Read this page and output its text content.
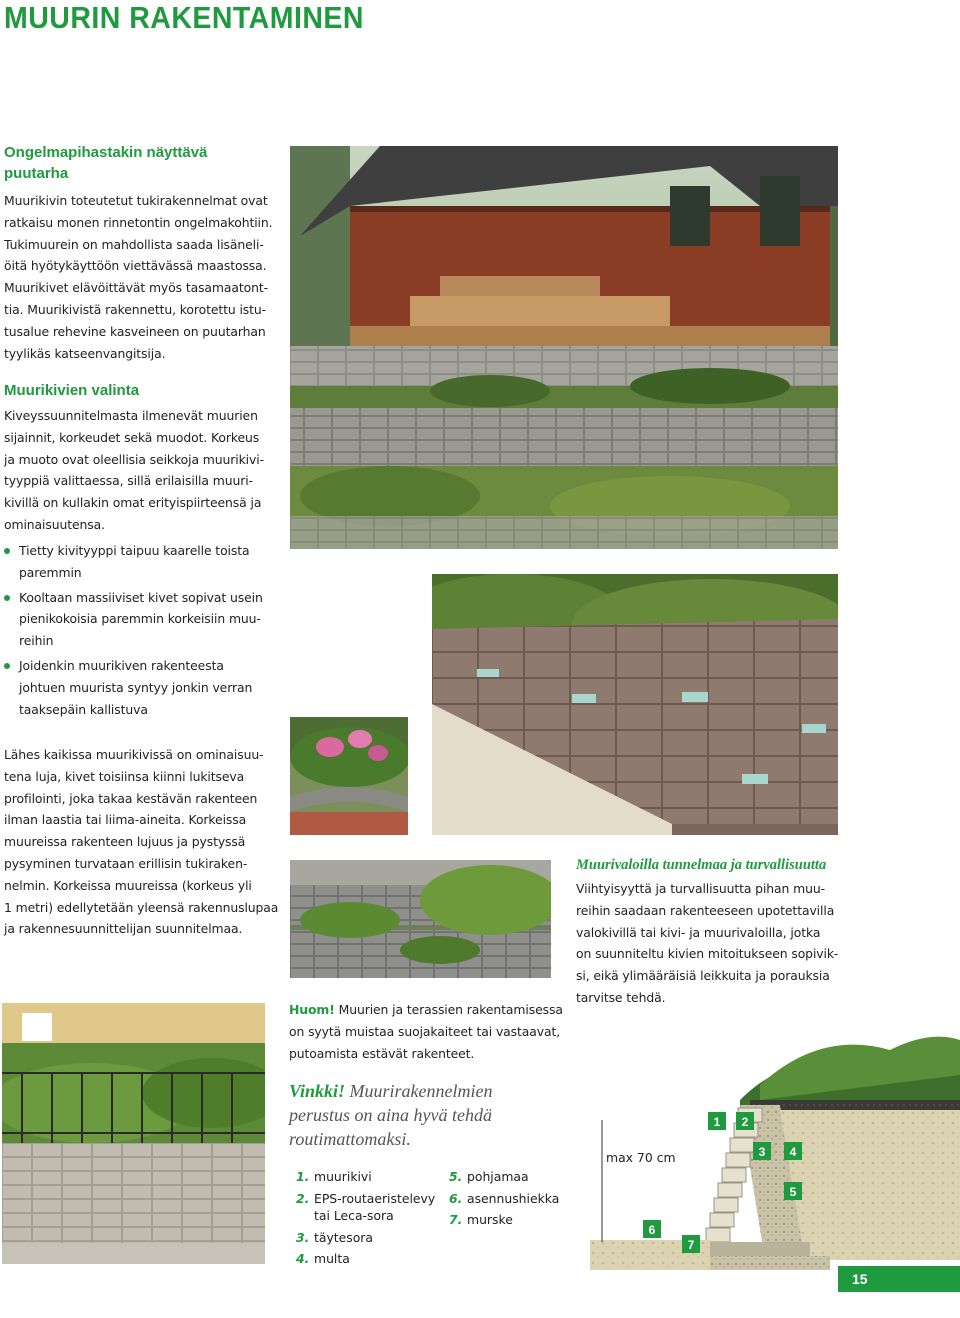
MUURIN RAKENTAMINEN
Ongelmapihastakin näyttävä
puutarha
Muurikivin toteutetut tukirakennelmat ovat
ratkaisu monen rinnetontin ongelmakohtiin.
Tukimuurein on mahdollista saada lisäneli-
öitä hyötykäyttöön viettävässä maastossa.
Muurikivet elävöittävät myös tasamaatont-
tia. Muurikivistä rakennettu, korotettu istu-
tusalue rehevine kasveineen on puutarhan
tyylikäs katseenvangitsija.
Muurikivien valinta
Kiveyssuunnitelmasta ilmenevät muurien
sijainnit, korkeudet sekä muodot. Korkeus
ja muoto ovat oleellisia seikkoja muurikivi-
tyyppiä valittaessa, sillä erilaisilla muuri-
kivillä on kullakin omat erityispiirteensä ja
ominaisuutensa.
Tietty kivityyppi taipuu kaarelle toista
paremmin
Kooltaan massiiviset kivet sopivat usein
pienikokoisia paremmin korkeisiin muu-
reihin
Joidenkin muurikiven rakenteesta
johtuen muurista syntyy jonkin verran
taaksepäin kallistuva
Lähes kaikissa muurikivissä on ominaisuu-
tena luja, kivet toisiinsa kiinni lukitseva
profilointi, joka takaa kestävän rakenteen
ilman laastia tai liima-aineita. Korkeissa
muureissa rakenteen lujuus ja pystyssä
pysyminen turvataan erillisin tukiraken-
nelmin. Korkeissa muureissa (korkeus yli
1 metri) edellytetään yleensä rakennuslupaa
ja rakennesuunnittelijan suunnitelmaa.
Huom! Muurien ja terassien rakentamisessa
on syytä muistaa suojakaiteet tai vastaavat,
putoamista estävät rakenteet.
Muurivaloilla tunnelmaa ja turvallisuutta
Viihtyisyyttä ja turvallisuutta pihan muu-
reihin saadaan rakenteeseen upotettavilla
valokivillä tai kivi- ja muurivaloilla, jotka
on suunniteltu kivien mitoitukseen sopivik-
si, eikä ylimääräisiä leikkuita ja porauksia
tarvitse tehdä.
Vinkki! Muurirakennelmien
perustus on aina hyvä tehdä
routimattomaksi.
1. muurikivi
2. EPS-routaeristelevy
tai Leca-sora
3. täytesora
4. multa
5. pohjamaa
6. asennushiekka
7. murske
max 70 cm
1 2
3 4
5
6
7
15
